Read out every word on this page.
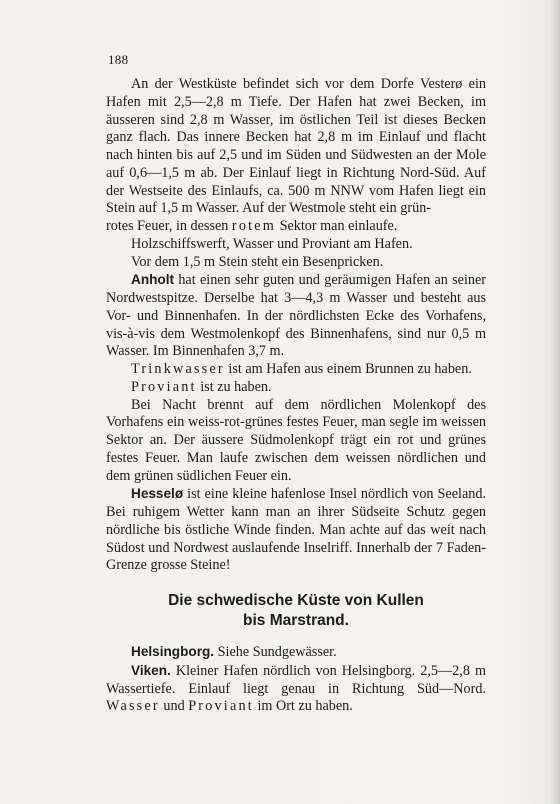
188

An der Westküste befindet sich vor dem Dorfe Vesterø ein Hafen mit 2,5—2,8 m Tiefe. Der Hafen hat zwei Becken, im äusseren sind 2,8 m Wasser, im östlichen Teil ist dieses Becken ganz flach. Das innere Becken hat 2,8 m im Einlauf und flacht nach hinten bis auf 2,5 und im Süden und Südwesten an der Mole auf 0,6—1,5 m ab. Der Einlauf liegt in Richtung Nord-Süd. Auf der Westseite des Einlaufs, ca. 500 m NNW vom Hafen liegt ein Stein auf 1,5 m Wasser. Auf der Westmole steht ein grün-

rotes Feuer, in dessen rotem Sektor man einlaufe.

Holzschiffswerft, Wasser und Proviant am Hafen.

Vor dem 1,5 m Stein steht ein Besenpricken.

Anholt hat einen sehr guten und geräumigen Hafen an seiner Nordwestspitze. Derselbe hat 3—4,3 m Wasser und besteht aus Vor- und Binnenhafen. In der nördlichsten Ecke des Vorhafens, vis-à-vis dem Westmolenkopf des Binnenhafens, sind nur 0,5 m Wasser. Im Binnenhafen 3,7 m.

Trinkwasser ist am Hafen aus einem Brunnen zu haben.

Proviant ist zu haben.

Bei Nacht brennt auf dem nördlichen Molenkopf des Vorhafens ein weiss-rot-grünes festes Feuer, man segle im weissen Sektor an. Der äussere Südmolenkopf trägt ein rot und grünes festes Feuer. Man laufe zwischen dem weissen nördlichen und dem grünen südlichen Feuer ein.

Hesselø ist eine kleine hafenlose Insel nördlich von Seeland. Bei ruhigem Wetter kann man an ihrer Südseite Schutz gegen nördliche bis östliche Winde finden. Man achte auf das weit nach Südost und Nordwest auslaufende Inselriff. Innerhalb der 7 Faden-Grenze grosse Steine!

Die schwedische Küste von Kullen
bis Marstrand.

Helsingborg. Siehe Sundgewässer.

Viken. Kleiner Hafen nördlich von Helsingborg. 2,5—2,8 m Wassertiefe. Einlauf liegt genau in Richtung Süd—Nord. Wasser und Proviant im Ort zu haben.
